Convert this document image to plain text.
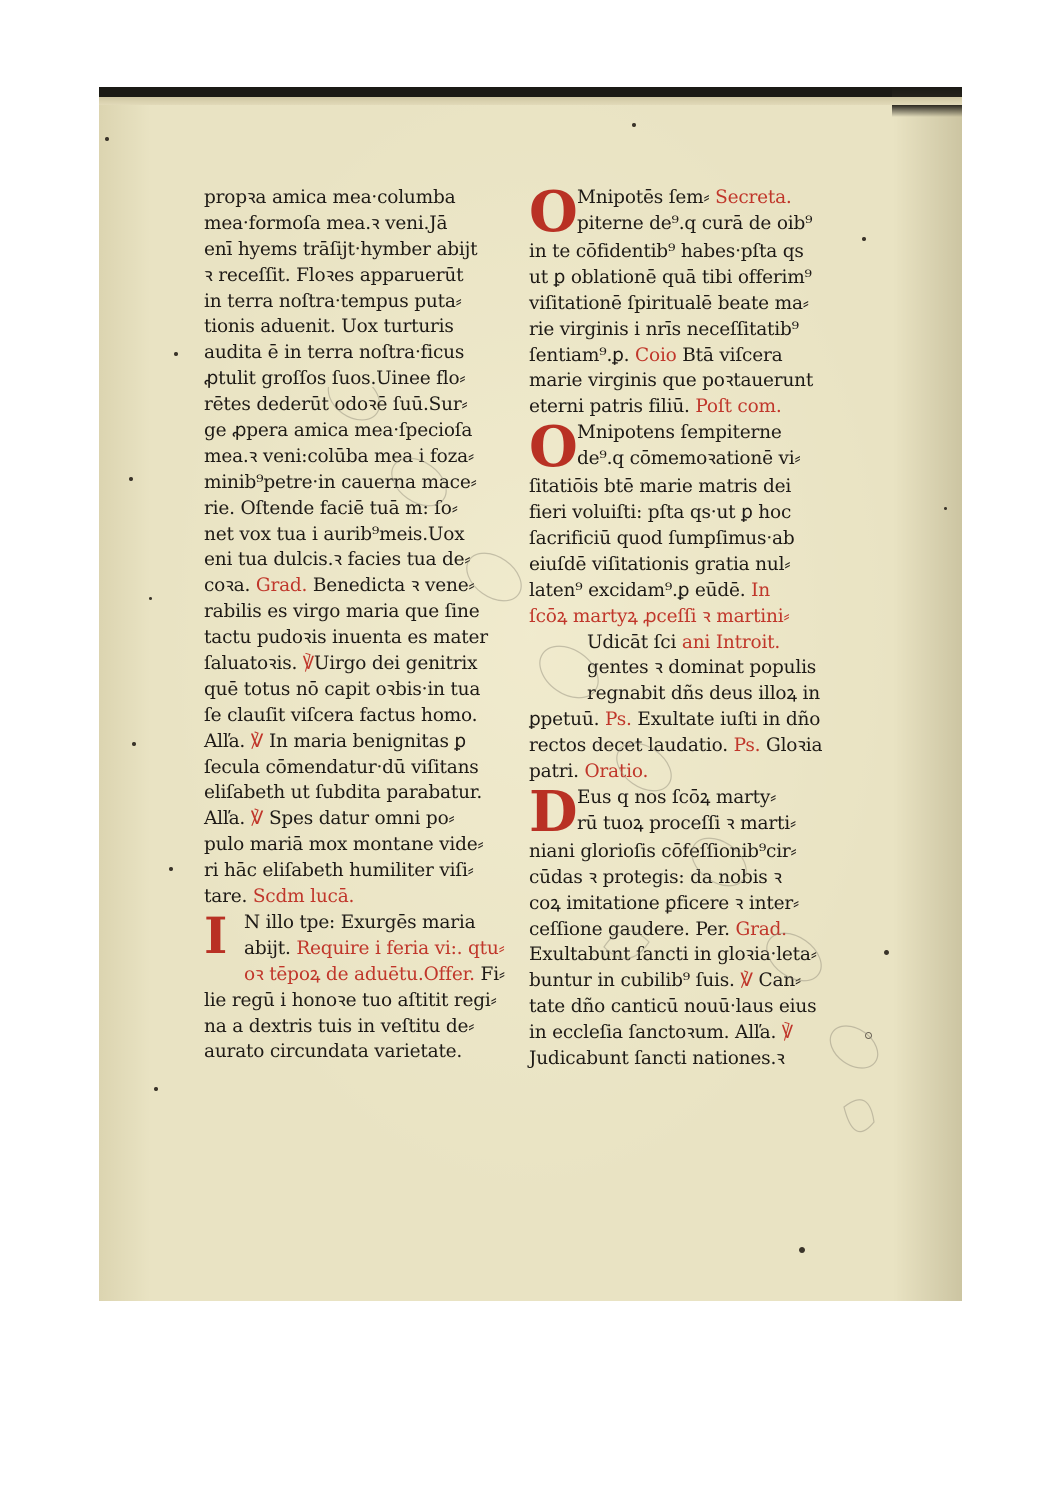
propꝛa amica mea·columba
mea·formoſa mea.ꝛ veni.Jā
enī hyems trāſijt·hymber abijt
ꝛ receſſit. Floꝛes apparuerūt
in terra noſtra·tempus puta⸗
tionis aduenit. Uox turturis
audita ē in terra noſtra·ficus
ꝓtulit groſſos ſuos.Uinee flo⸗
rētes dederūt odoꝛē ſuū.Sur⸗
ge ꝓpera amica mea·ſpecioſa
mea.ꝛ veni:colūba mea i foza⸗
minib⁹petre·in cauerna mace⸗
rie. Oſtende faciē tuā m: ſo⸗
net vox tua i aurib⁹meis.Uox
eni tua dulcis.ꝛ facies tua de⸗
coꝛa. Grad. Benedicta ꝛ vene⸗
rabilis es virgo maria que ſine
tactu pudoꝛis inuenta es mater
ſaluatoꝛis. ℣Uirgo dei genitrix
quē totus nō capit oꝛbis·in tua
ſe clauſit viſcera factus homo.
Alľa. ℣ In maria benignitas ꝑ
ſecula cōmendatur·dū viſitans
eliſabeth ut ſubdita parabatur.
Alľa. ℣ Spes datur omni po⸗
pulo mariā mox montane vide⸗
ri hāc eliſabeth humiliter viſi⸗
tare. Scdm lucā.
I N illo tpe: Exurgēs maria
abijt. Require i feria vi:. qtu⸗
oꝛ tēpoꝝ de aduētu.Offer. Fi⸗
lie regū i honoꝛe tuo aſtitit regi⸗
na a dextris tuis in veſtitu de⸗
aurato circundata varietate.
O Mnipotēs ſem⸗ Secreta.
piterne de⁹.q curā de oib⁹
in te cōfidentib⁹ habes·pſta qs
ut ꝑ oblationē quā tibi offerim⁹
viſitationē ſpiritualē beate ma⸗
rie virginis i nrīs neceſſitatib⁹
ſentiam⁹.ꝑ. Coio Btā viſcera
marie virginis que poꝛtauerunt
eterni patris filiū. Poſt com.
O Mnipotens ſempiterne
de⁹.q cōmemoꝛationē vi⸗
ſitatiōis btē marie matris dei
fieri voluiſti: pſta qs·ut ꝑ hoc
ſacrificiū quod ſumpſimus·ab
eiuſdē viſitationis gratia nul⸗
laten⁹ excidam⁹.ꝑ eūdē. In
ſcōꝝ martyꝝ ꝓceſſi ꝛ martini⸗
Udicāt ſci ani Introit.
gentes ꝛ dominat populis
regnabit dñs deus illoꝝ in
ꝑpetuū. Ps. Exultate iuſti in dño
rectos decet laudatio. Ps. Gloꝛia
patri. Oratio.
D Eus q nos ſcōꝝ marty⸗
rū tuoꝝ proceſſi ꝛ marti⸗
niani glorioſis cōfeſſionib⁹cir⸗
cūdas ꝛ protegis: da nobis ꝛ
coꝝ imitatione ꝑficere ꝛ inter⸗
ceſſione gaudere. Per. Grad.
Exultabunt ſancti in gloꝛia·leta⸗
buntur in cubilib⁹ ſuis. ℣ Can⸗
tate dño canticū nouū·laus eius
in eccleſia ſanctoꝛum. Alľa. ℣
Judicabunt ſancti nationes.ꝛ
